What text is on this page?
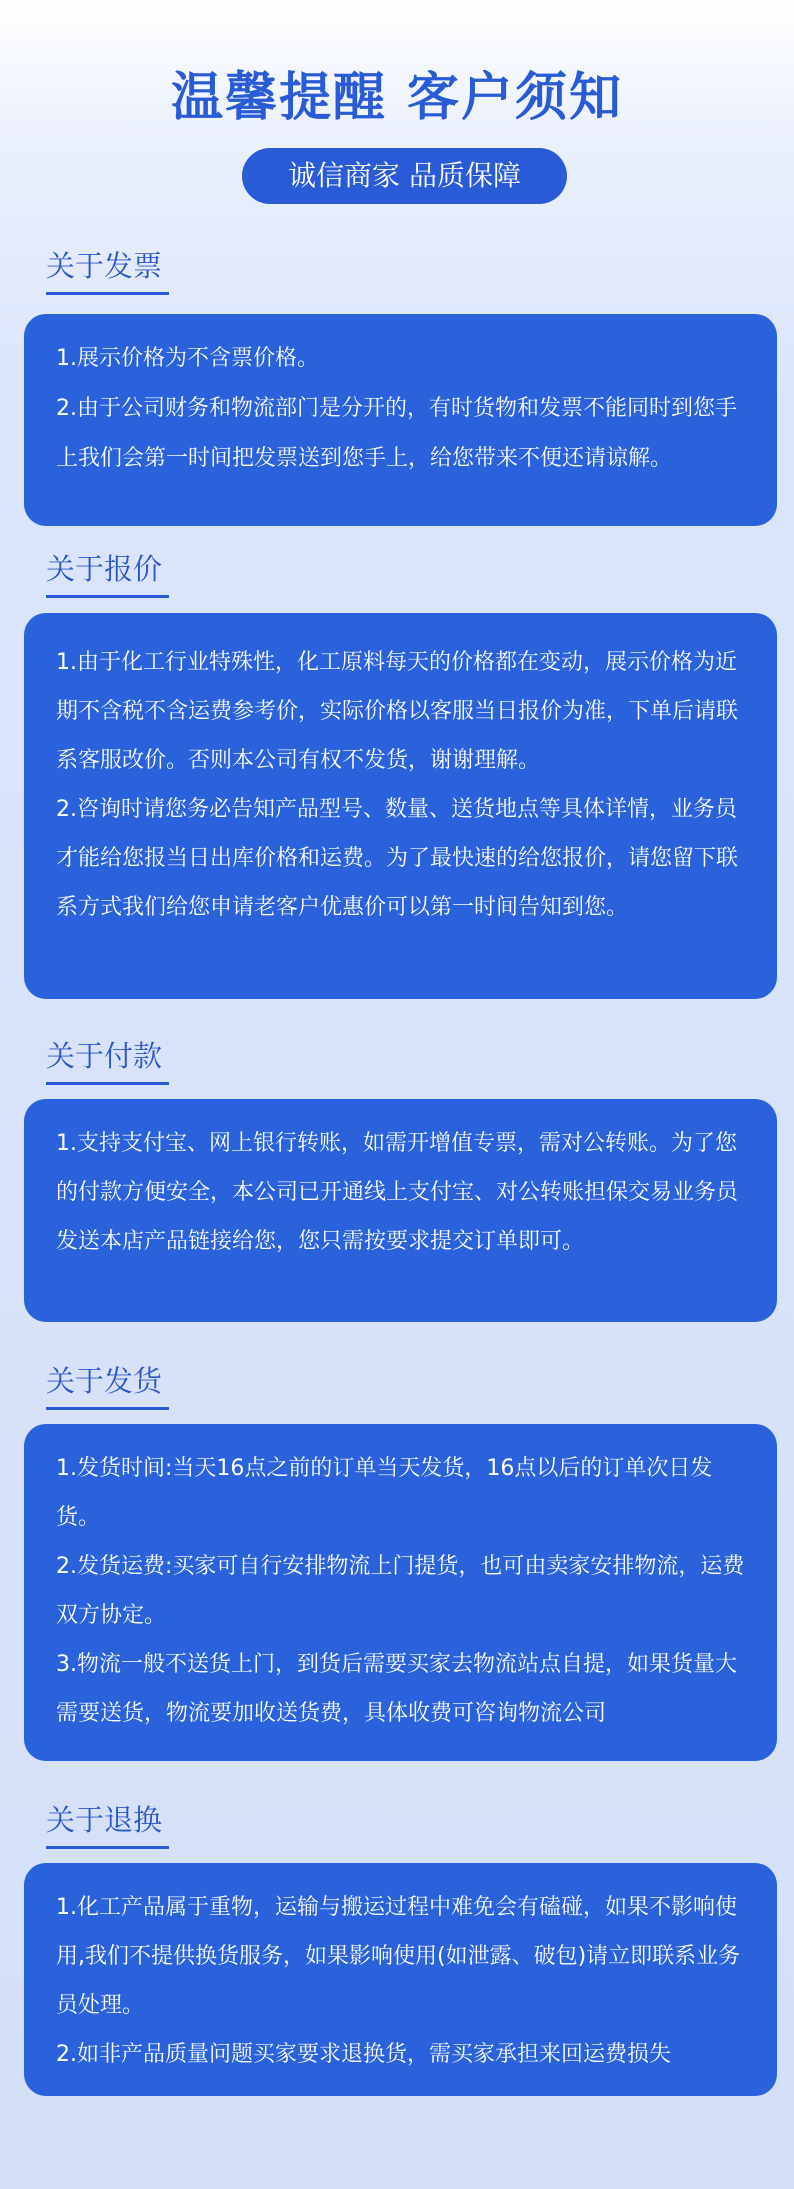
温馨提醒 客户须知
诚信商家 品质保障
关于发票

1.展示价格为不含票价格。

2.由于公司财务和物流部门是分开的，有时货物和发票不能同时到您手上我们会第一时间把发票送到您手上，给您带来不便还请谅解。

关于报价

1.由于化工行业特殊性，化工原料每天的价格都在变动，展示价格为近期不含税不含运费参考价，实际价格以客服当日报价为准，下单后请联系客服改价。否则本公司有权不发货，谢谢理解。

2.咨询时请您务必告知产品型号、数量、送货地点等具体详情，业务员才能给您报当日出库价格和运费。为了最快速的给您报价，请您留下联系方式我们给您申请老客户优惠价可以第一时间告知到您。

关于付款

1.支持支付宝、网上银行转账，如需开增值专票，需对公转账。为了您的付款方便安全，本公司已开通线上支付宝、对公转账担保交易业务员发送本店产品链接给您，您只需按要求提交订单即可。

关于发货

1.发货时间:当天16点之前的订单当天发货，16点以后的订单次日发货。

2.发货运费:买家可自行安排物流上门提货，也可由卖家安排物流，运费双方协定。

3.物流一般不送货上门，到货后需要买家去物流站点自提，如果货量大需要送货，物流要加收送货费，具体收费可咨询物流公司

关于退换

1.化工产品属于重物，运输与搬运过程中难免会有磕碰，如果不影响使用,我们不提供换货服务，如果影响使用(如泄露、破包)请立即联系业务员处理。

2.如非产品质量问题买家要求退换货，需买家承担来回运费损失
